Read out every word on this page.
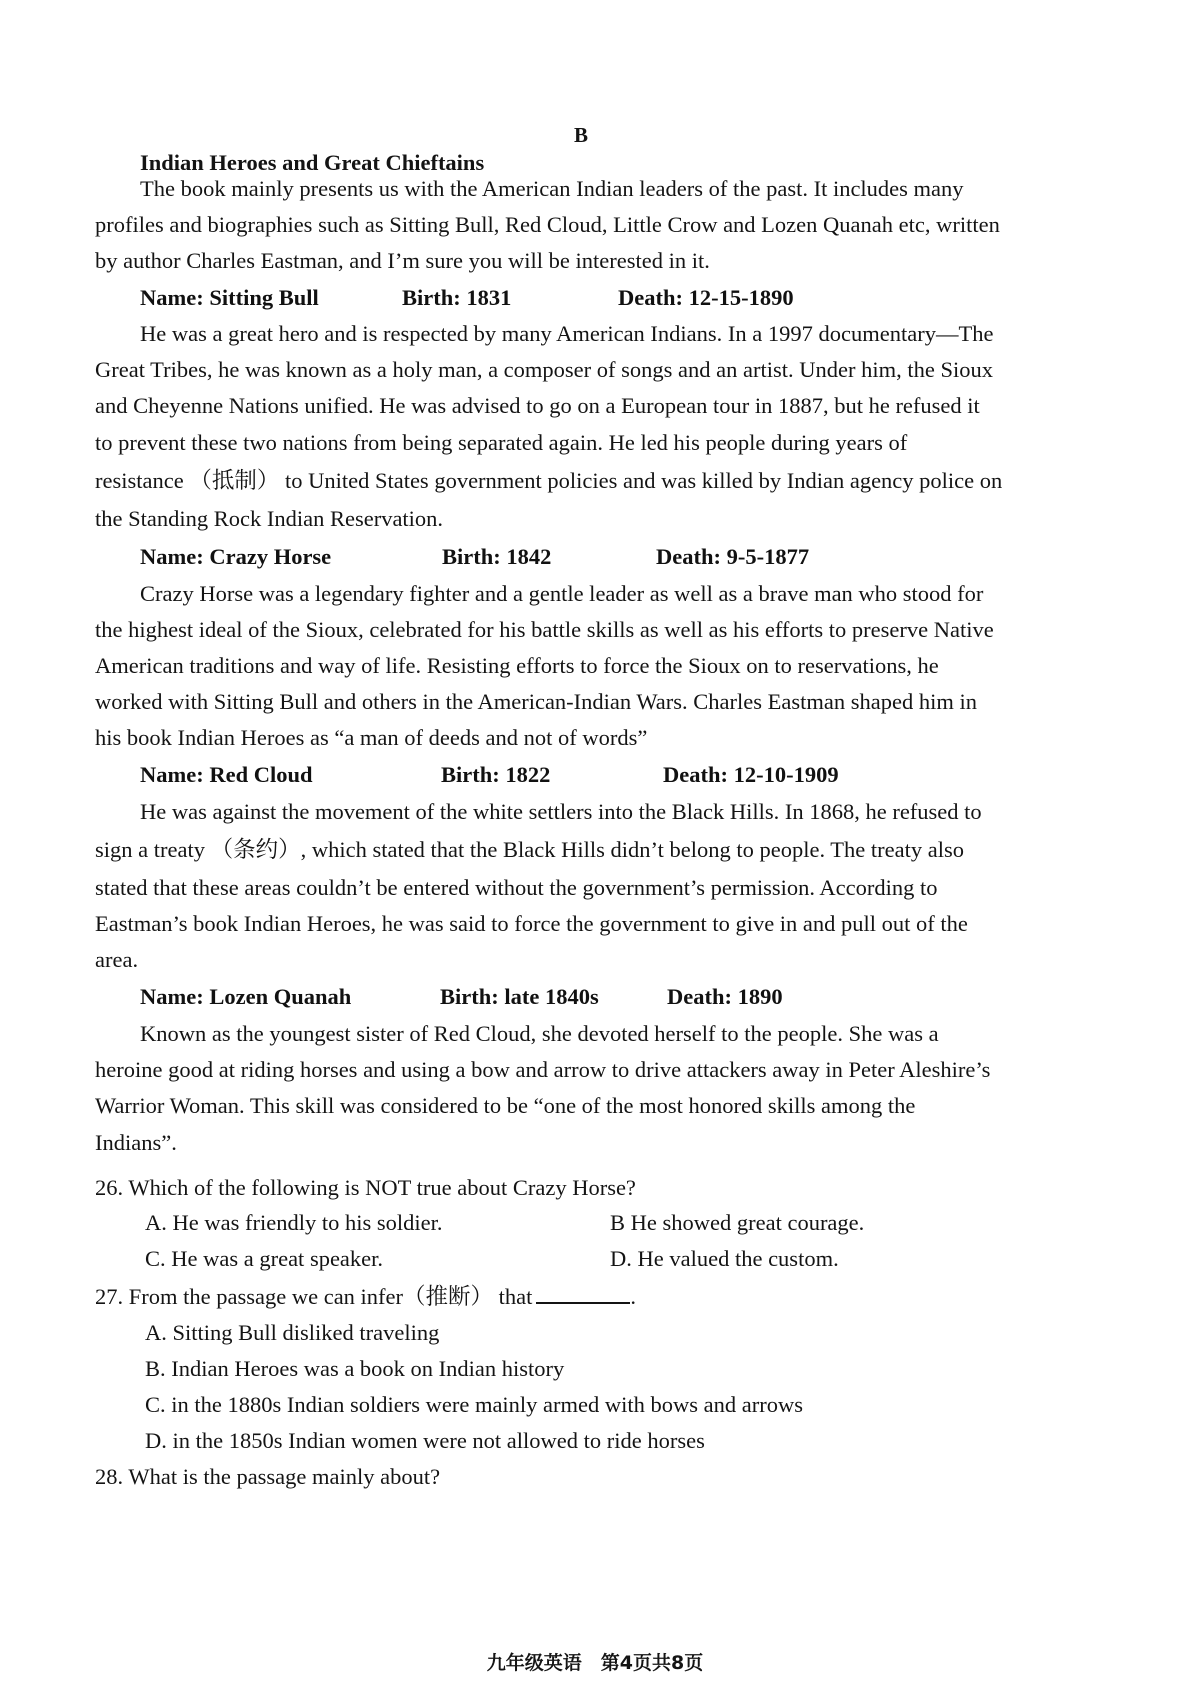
B
Indian Heroes and Great Chieftains
The book mainly presents us with the American Indian leaders of the past. It includes many
profiles and biographies such as Sitting Bull, Red Cloud, Little Crow and Lozen Quanah etc, written
by author Charles Eastman, and I’m sure you will be interested in it.
Name: Sitting Bull	Birth: 1831	Death: 12-15-1890
He was a great hero and is respected by many American Indians. In a 1997 documentary—The
Great Tribes, he was known as a holy man, a composer of songs and an artist. Under him, the Sioux
and Cheyenne Nations unified. He was advised to go on a European tour in 1887, but he refused it
to prevent these two nations from being separated again. He led his people during years of
resistance （抵制） to United States government policies and was killed by Indian agency police on
the Standing Rock Indian Reservation.
Name: Crazy Horse	Birth: 1842	Death: 9-5-1877
Crazy Horse was a legendary fighter and a gentle leader as well as a brave man who stood for
the highest ideal of the Sioux, celebrated for his battle skills as well as his efforts to preserve Native
American traditions and way of life. Resisting efforts to force the Sioux on to reservations, he
worked with Sitting Bull and others in the American-Indian Wars. Charles Eastman shaped him in
his book Indian Heroes as “a man of deeds and not of words”
Name: Red Cloud	Birth: 1822	Death: 12-10-1909
He was against the movement of the white settlers into the Black Hills. In 1868, he refused to
sign a treaty （条约）, which stated that the Black Hills didn’t belong to people. The treaty also
stated that these areas couldn’t be entered without the government’s permission. According to
Eastman’s book Indian Heroes, he was said to force the government to give in and pull out of the
area.
Name: Lozen Quanah	Birth: late 1840s	Death: 1890
Known as the youngest sister of Red Cloud, she devoted herself to the people. She was a
heroine good at riding horses and using a bow and arrow to drive attackers away in Peter Aleshire’s
Warrior Woman. This skill was considered to be “one of the most honored skills among the
Indians”.
26. Which of the following is NOT true about Crazy Horse?
A. He was friendly to his soldier.	B He showed great courage.
C. He was a great speaker.	D. He valued the custom.
27. From the passage we can infer（推断） that	.
A. Sitting Bull disliked traveling
B. Indian Heroes was a book on Indian history
C. in the 1880s Indian soldiers were mainly armed with bows and arrows
D. in the 1850s Indian women were not allowed to ride horses
28. What is the passage mainly about?
九年级英语　第4页共8页
